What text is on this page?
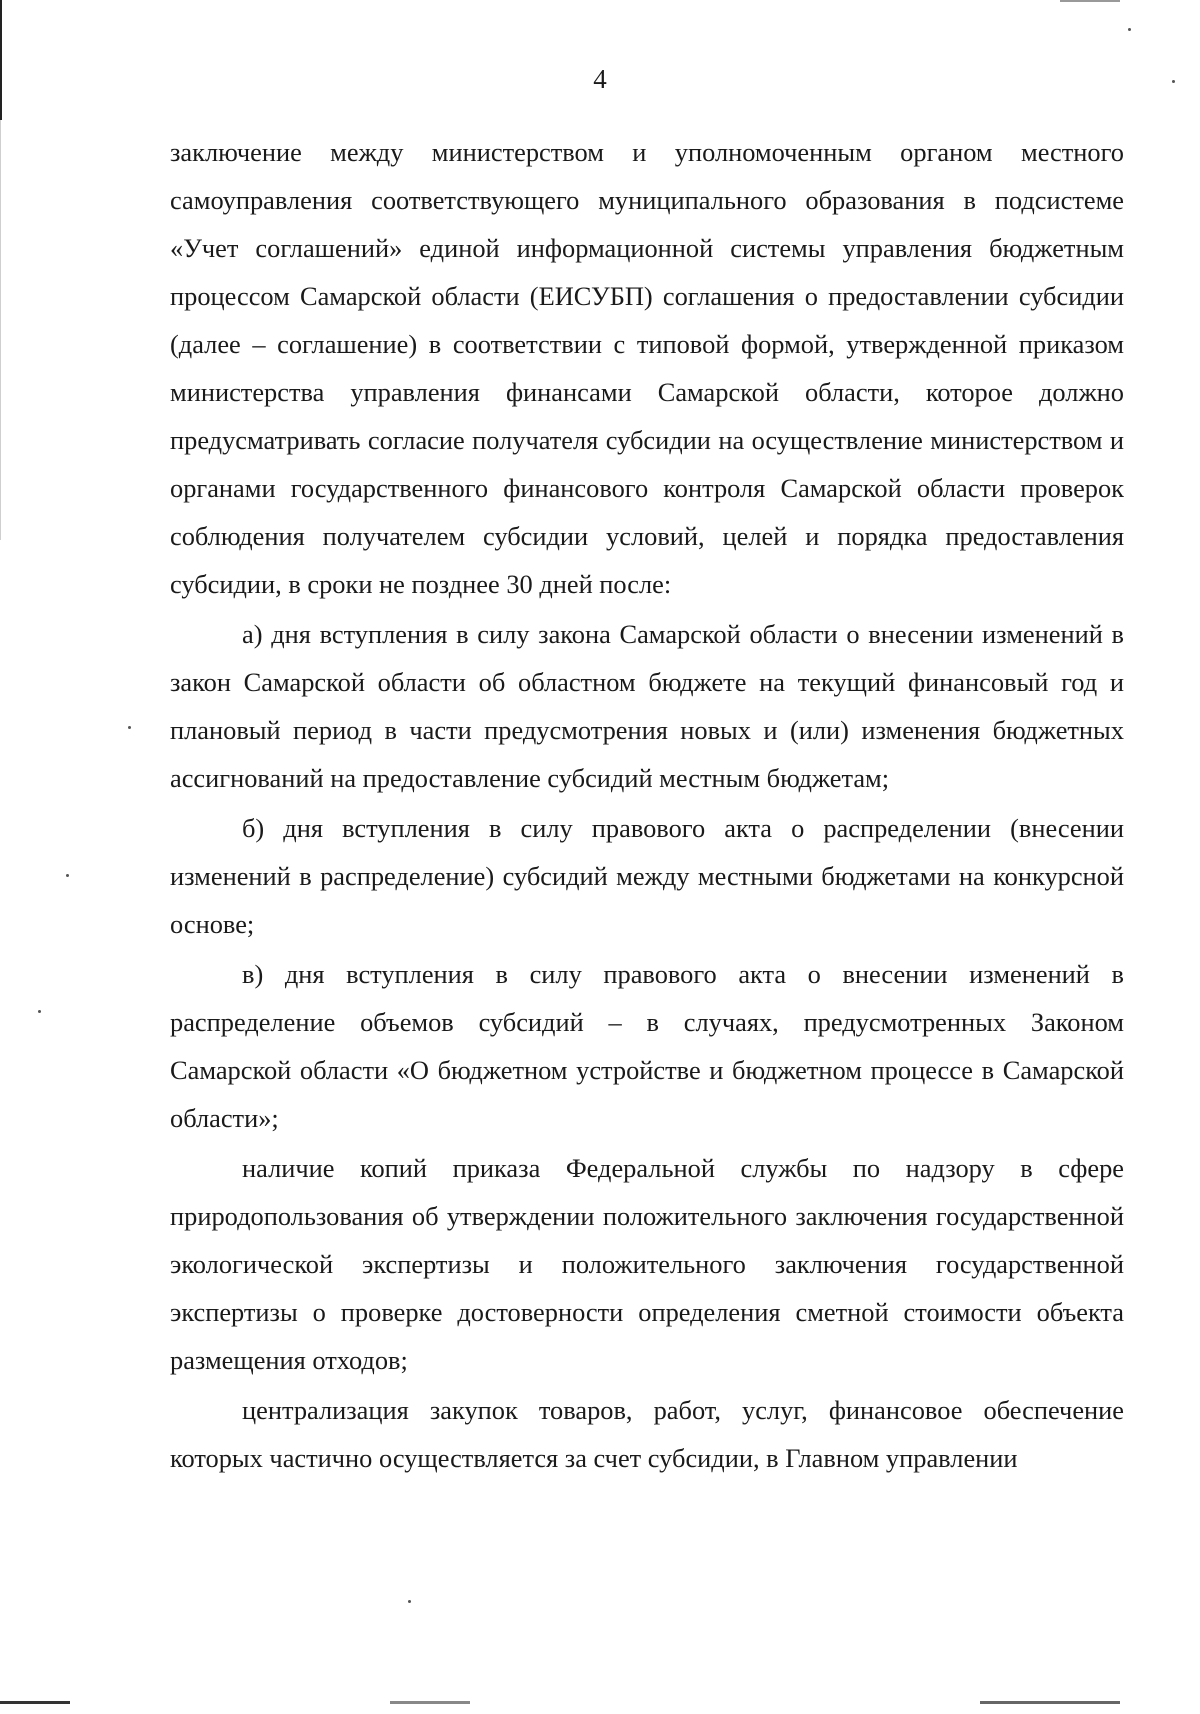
4

заключение между министерством и уполномоченным органом местного самоуправления соответствующего муниципального образования в подсистеме «Учет соглашений» единой информационной системы управления бюджетным процессом Самарской области (ЕИСУБП) соглашения о предоставлении субсидии (далее – соглашение) в соответствии с типовой формой, утвержденной приказом министерства управления финансами Самарской области, которое должно предусматривать согласие получателя субсидии на осуществление министерством и органами государственного финансового контроля Самарской области проверок соблюдения получателем субсидии условий, целей и порядка предоставления субсидии, в сроки не позднее 30 дней после:

а) дня вступления в силу закона Самарской области о внесении изменений в закон Самарской области об областном бюджете на текущий финансовый год и плановый период в части предусмотрения новых и (или) изменения бюджетных ассигнований на предоставление субсидий местным бюджетам;

б) дня вступления в силу правового акта о распределении (внесении изменений в распределение) субсидий между местными бюджетами на конкурсной основе;

в) дня вступления в силу правового акта о внесении изменений в распределение объемов субсидий – в случаях, предусмотренных Законом Самарской области «О бюджетном устройстве и бюджетном процессе в Самарской области»;

наличие копий приказа Федеральной службы по надзору в сфере природопользования об утверждении положительного заключения государственной экологической экспертизы и положительного заключения государственной экспертизы о проверке достоверности определения сметной стоимости объекта размещения отходов;

централизация закупок товаров, работ, услуг, финансовое обеспечение которых частично осуществляется за счет субсидии, в Главном управлении
